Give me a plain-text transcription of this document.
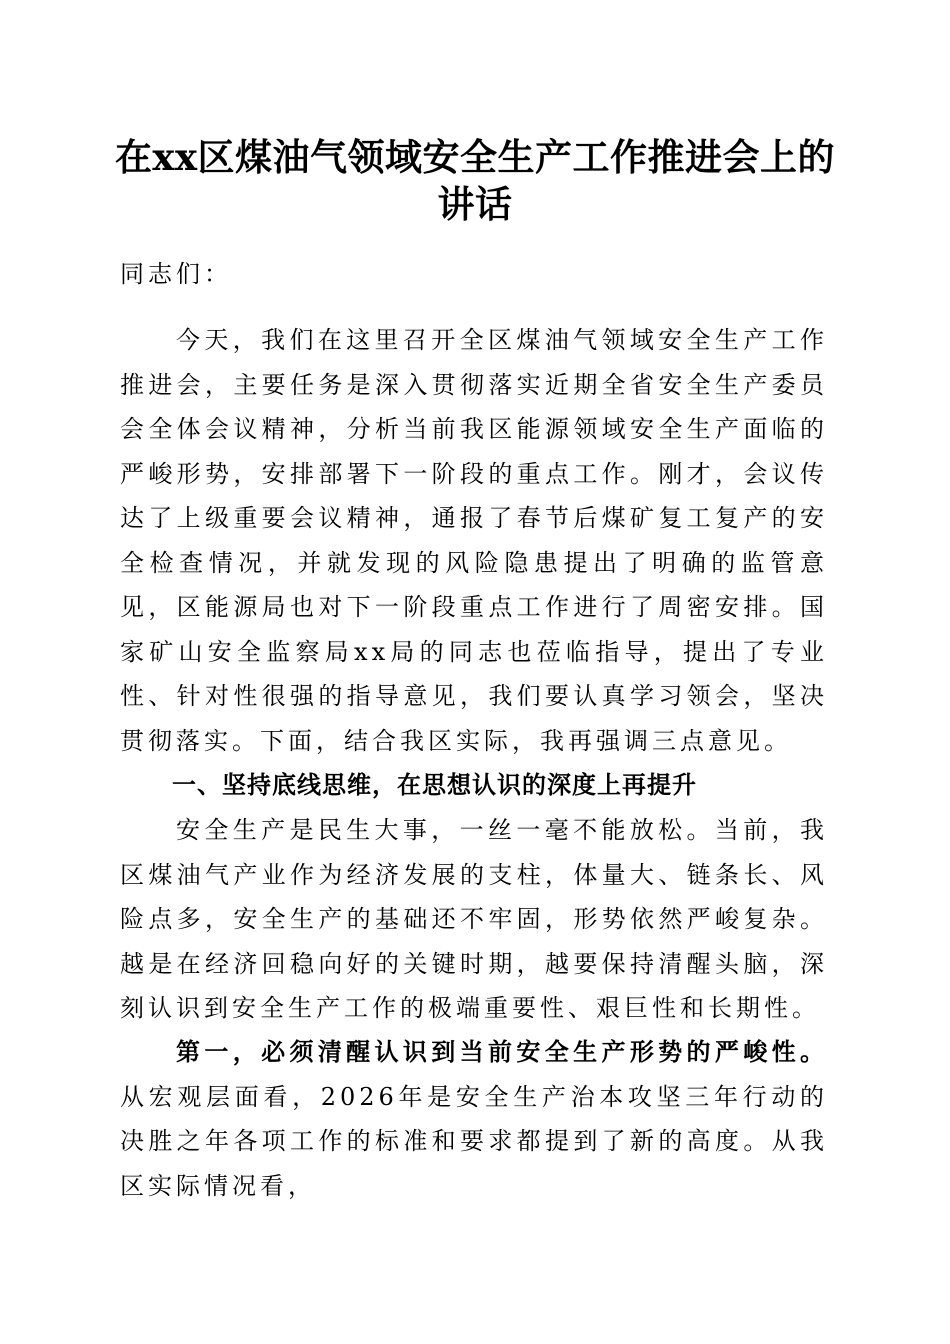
在xx区煤油气领域安全生产工作推进会上的讲话

同志们：

今天，我们在这里召开全区煤油气领域安全生产工作推进会，主要任务是深入贯彻落实近期全省安全生产委员会全体会议精神，分析当前我区能源领域安全生产面临的严峻形势，安排部署下一阶段的重点工作。刚才，会议传达了上级重要会议精神，通报了春节后煤矿复工复产的安全检查情况，并就发现的风险隐患提出了明确的监管意见，区能源局也对下一阶段重点工作进行了周密安排。国家矿山安全监察局xx局的同志也莅临指导，提出了专业性、针对性很强的指导意见，我们要认真学习领会，坚决贯彻落实。下面，结合我区实际，我再强调三点意见。

一、坚持底线思维，在思想认识的深度上再提升

安全生产是民生大事，一丝一毫不能放松。当前，我区煤油气产业作为经济发展的支柱，体量大、链条长、风险点多，安全生产的基础还不牢固，形势依然严峻复杂。越是在经济回稳向好的关键时期，越要保持清醒头脑，深刻认识到安全生产工作的极端重要性、艰巨性和长期性。

第一，必须清醒认识到当前安全生产形势的严峻性。从宏观层面看，2026年是安全生产治本攻坚三年行动的决胜之年各项工作的标准和要求都提到了新的高度。从我区实际情况看，
